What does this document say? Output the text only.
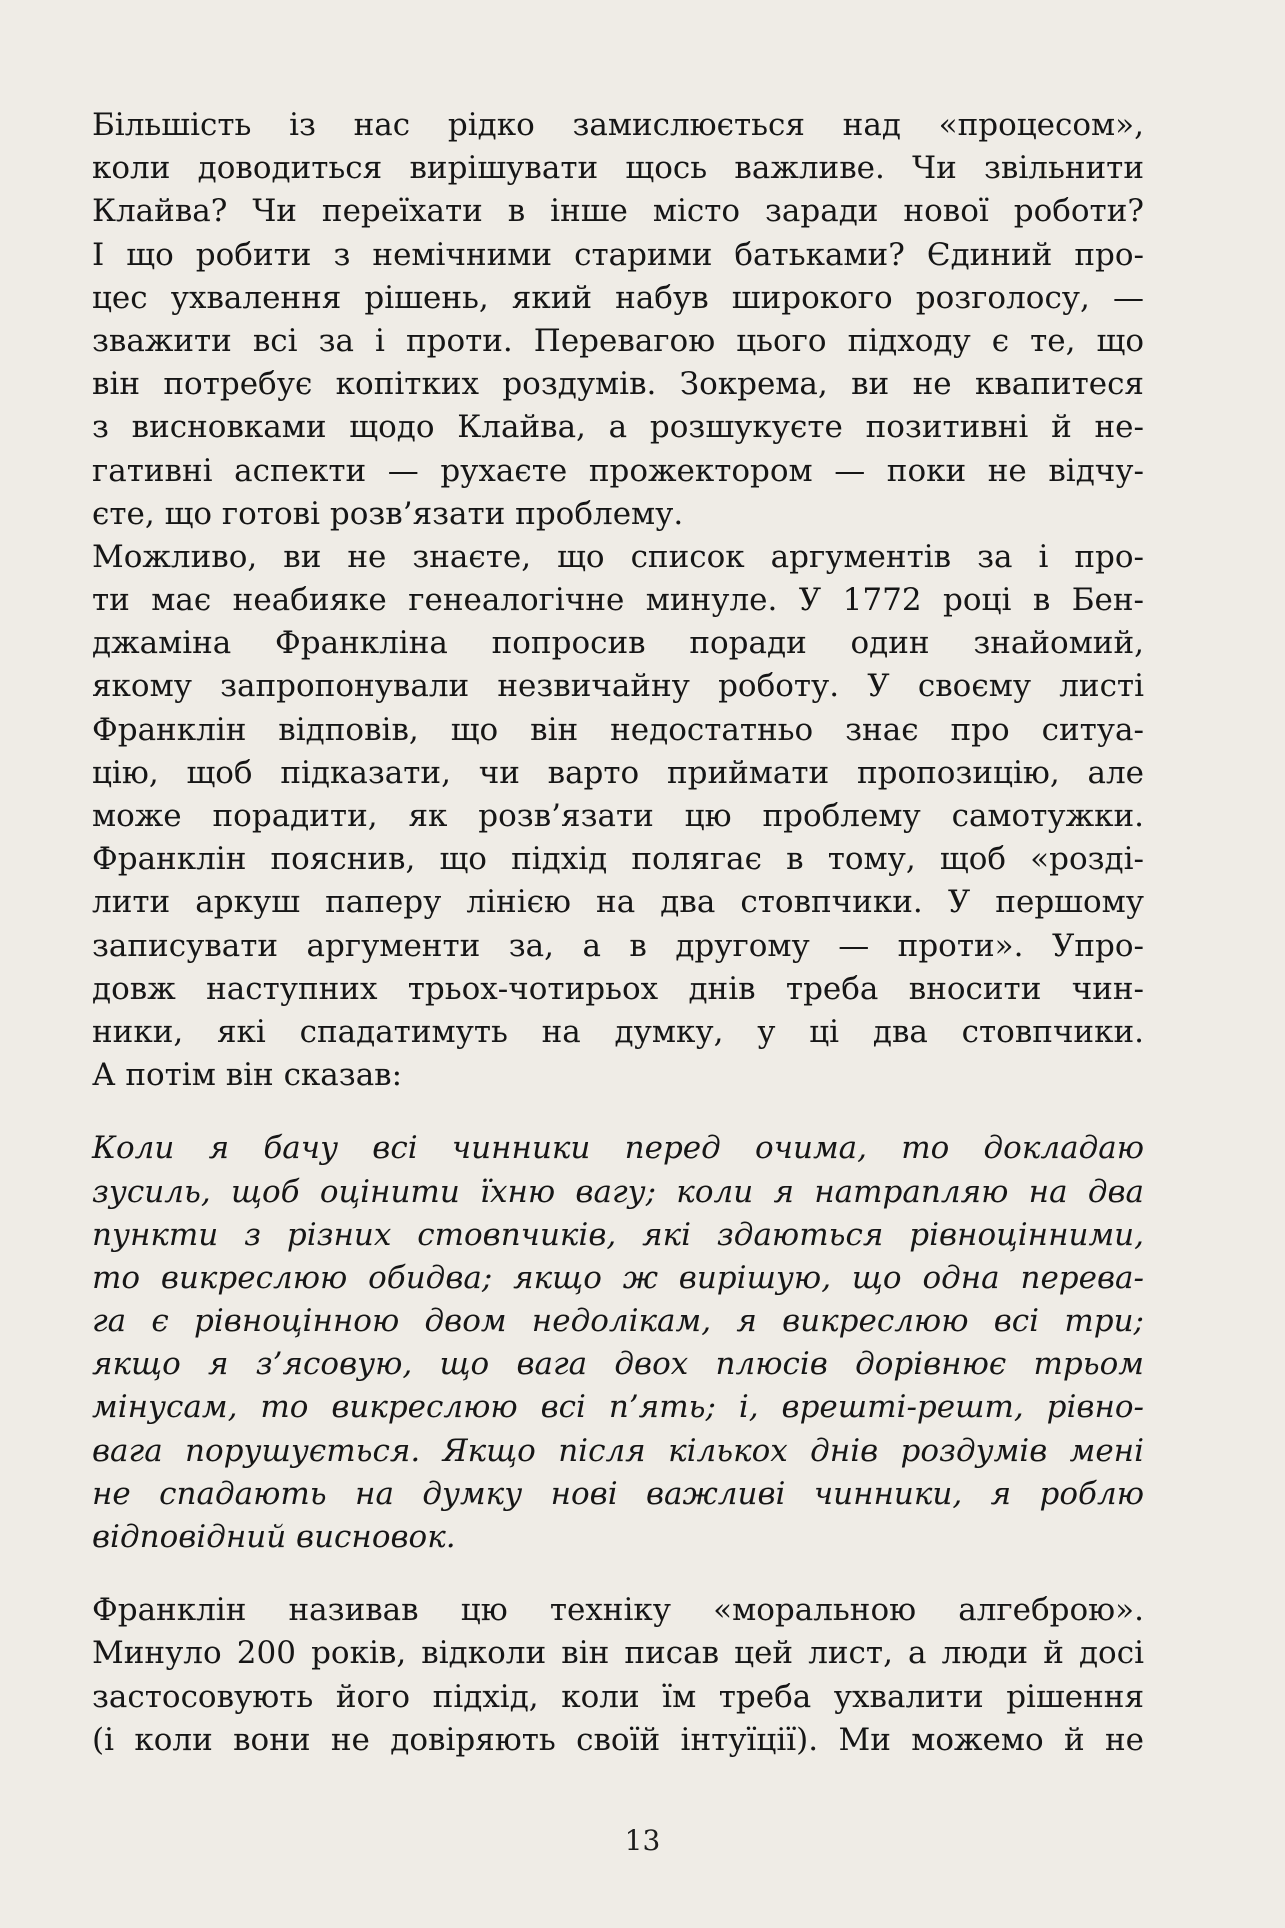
Більшість із нас рідко замислюється над «процесом»,
коли доводиться вирішувати щось важливе. Чи звільнити
Клайва? Чи переїхати в інше місто заради нової роботи?
І що робити з немічними старими батьками? Єдиний про-
цес ухвалення рішень, який набув широкого розголосу, —
зважити всі за і проти. Перевагою цього підходу є те, що
він потребує копітких роздумів. Зокрема, ви не квапитеся
з висновками щодо Клайва, а розшукуєте позитивні й не-
гативні аспекти — рухаєте прожектором — поки не відчу-
єте, що готові розв’язати проблему.
Можливо, ви не знаєте, що список аргументів за і про-
ти має неабияке генеалогічне минуле. У 1772 році в Бен-
джаміна Франкліна попросив поради один знайомий,
якому запропонували незвичайну роботу. У своєму листі
Франклін відповів, що він недостатньо знає про ситуа-
цію, щоб підказати, чи варто приймати пропозицію, але
може порадити, як розв’язати цю проблему самотужки.
Франклін пояснив, що підхід полягає в тому, щоб «розді-
лити аркуш паперу лінією на два стовпчики. У першому
записувати аргументи за, а в другому — проти». Упро-
довж наступних трьох-чотирьох днів треба вносити чин-
ники, які спадатимуть на думку, у ці два стовпчики.
А потім він сказав:
Коли я бачу всі чинники перед очима, то докладаю
зусиль, щоб оцінити їхню вагу; коли я натрапляю на два
пункти з різних стовпчиків, які здаються рівноцінними,
то викреслюю обидва; якщо ж вирішую, що одна перева-
га є рівноцінною двом недолікам, я викреслюю всі три;
якщо я з’ясовую, що вага двох плюсів дорівнює трьом
мінусам, то викреслюю всі п’ять; і, врешті-решт, рівно-
вага порушується. Якщо після кількох днів роздумів мені
не спадають на думку нові важливі чинники, я роблю
відповідний висновок.
Франклін називав цю техніку «моральною алгеброю».
Минуло 200 років, відколи він писав цей лист, а люди й досі
застосовують його підхід, коли їм треба ухвалити рішення
(і коли вони не довіряють своїй інтуїції). Ми можемо й не
13
